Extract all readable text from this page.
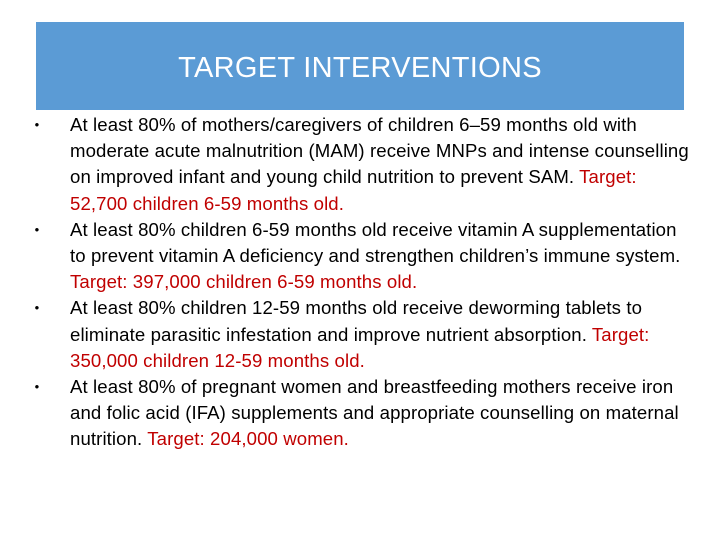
TARGET INTERVENTIONS
• At least 80% of mothers/caregivers of children 6–59 months old with moderate acute malnutrition (MAM) receive MNPs and intense counselling on improved infant and young child nutrition to prevent SAM. Target: 52,700 children 6-59 months old.
• At least 80% children 6-59 months old receive vitamin A supplementation to prevent vitamin A deficiency and strengthen children’s immune system. Target: 397,000 children 6-59 months old.
• At least 80% children 12-59 months old receive deworming tablets to eliminate parasitic infestation and improve nutrient absorption. Target: 350,000 children 12-59 months old.
• At least 80% of pregnant women and breastfeeding mothers receive iron and folic acid (IFA) supplements and appropriate counselling on maternal nutrition. Target: 204,000 women.
